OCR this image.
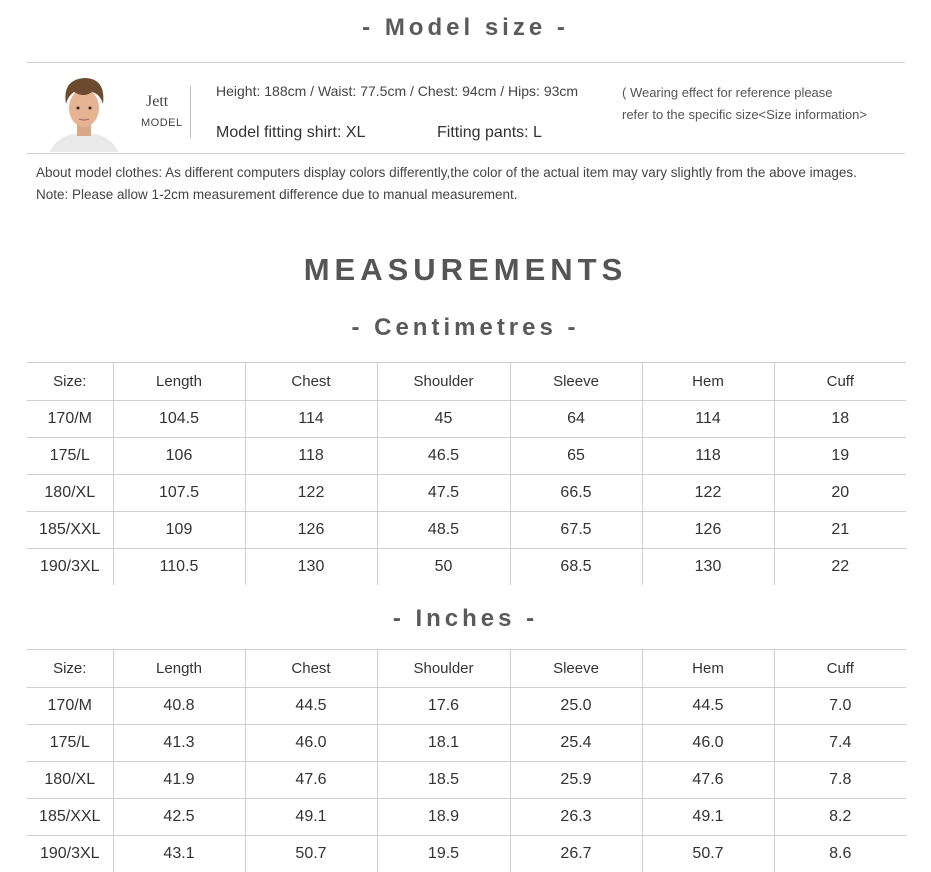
- Model size -
Jett
MODEL
Height: 188cm / Waist: 77.5cm / Chest: 94cm / Hips: 93cm
Model fitting shirt: XL	Fitting pants: L
( Wearing effect for reference please
refer to the specific size<Size information>
About model clothes: As different computers display colors differently,the color of the actual item may vary slightly from the above images.
Note: Please allow 1-2cm measurement difference due to manual measurement.
MEASUREMENTS
- Centimetres -
Size:	Length	Chest	Shoulder	Sleeve	Hem	Cuff
170/M	104.5	114	45	64	114	18
175/L	106	118	46.5	65	118	19
180/XL	107.5	122	47.5	66.5	122	20
185/XXL	109	126	48.5	67.5	126	21
190/3XL	110.5	130	50	68.5	130	22
- Inches -
Size:	Length	Chest	Shoulder	Sleeve	Hem	Cuff
170/M	40.8	44.5	17.6	25.0	44.5	7.0
175/L	41.3	46.0	18.1	25.4	46.0	7.4
180/XL	41.9	47.6	18.5	25.9	47.6	7.8
185/XXL	42.5	49.1	18.9	26.3	49.1	8.2
190/3XL	43.1	50.7	19.5	26.7	50.7	8.6
